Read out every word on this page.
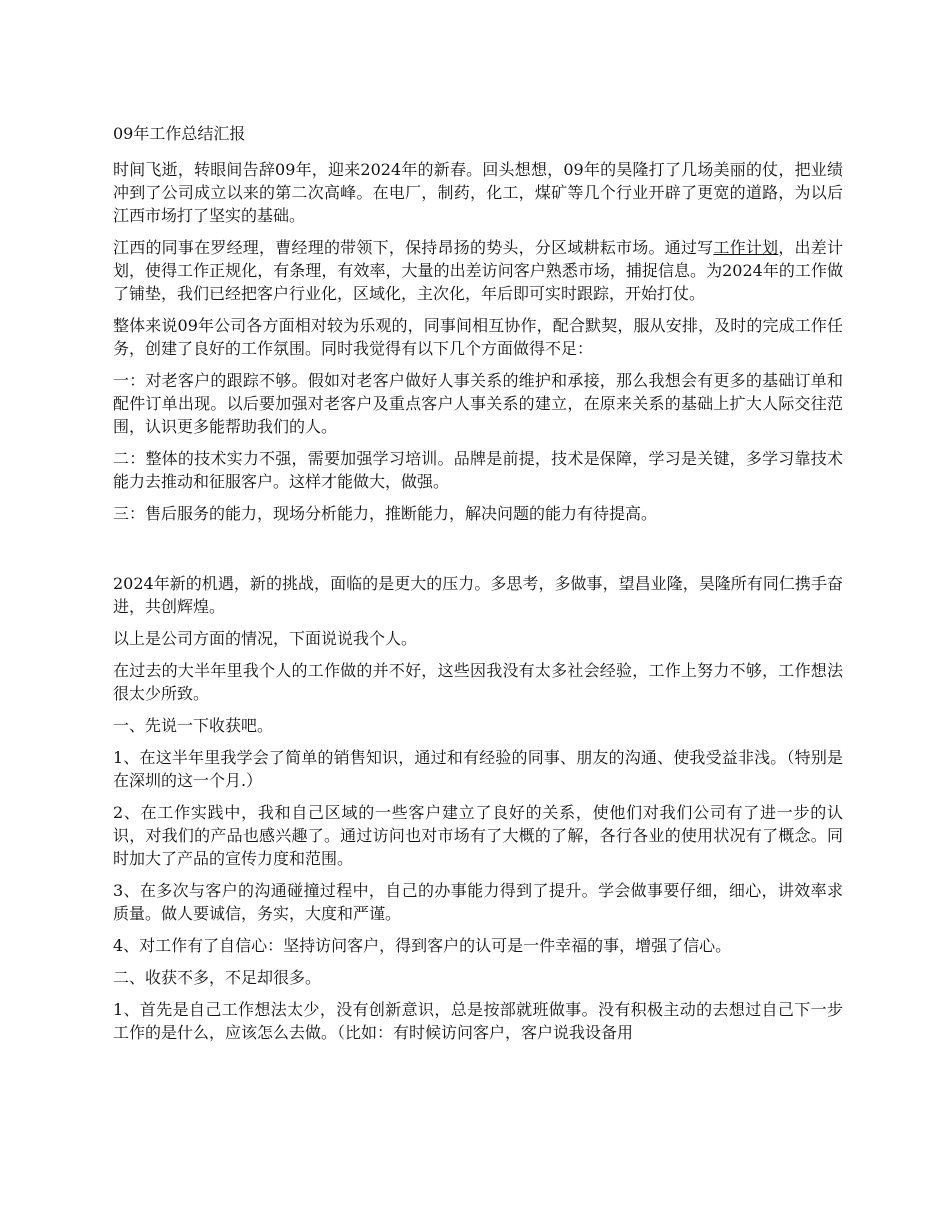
09年工作总结汇报

时间飞逝，转眼间告辞09年，迎来2024年的新春。回头想想，09年的昊隆打了几场美丽的仗，把业绩冲到了公司成立以来的第二次高峰。在电厂，制药，化工，煤矿等几个行业开辟了更宽的道路，为以后江西市场打了坚实的基础。

江西的同事在罗经理，曹经理的带领下，保持昂扬的势头，分区域耕耘市场。通过写工作计划，出差计划，使得工作正规化，有条理，有效率，大量的出差访问客户熟悉市场，捕捉信息。为2024年的工作做了铺垫，我们已经把客户行业化，区域化，主次化，年后即可实时跟踪，开始打仗。

整体来说09年公司各方面相对较为乐观的，同事间相互协作，配合默契，服从安排，及时的完成工作任务，创建了良好的工作氛围。同时我觉得有以下几个方面做得不足：

一：对老客户的跟踪不够。假如对老客户做好人事关系的维护和承接，那么我想会有更多的基础订单和配件订单出现。以后要加强对老客户及重点客户人事关系的建立，在原来关系的基础上扩大人际交往范围，认识更多能帮助我们的人。

二：整体的技术实力不强，需要加强学习培训。品牌是前提，技术是保障，学习是关键，多学习靠技术能力去推动和征服客户。这样才能做大，做强。

三：售后服务的能力，现场分析能力，推断能力，解决问题的能力有待提高。

2024年新的机遇，新的挑战，面临的是更大的压力。多思考，多做事，望昌业隆，昊隆所有同仁携手奋进，共创辉煌。

以上是公司方面的情况，下面说说我个人。

在过去的大半年里我个人的工作做的并不好，这些因我没有太多社会经验，工作上努力不够，工作想法很太少所致。

一、先说一下收获吧。

1、在这半年里我学会了简单的销售知识，通过和有经验的同事、朋友的沟通、使我受益非浅。（特别是在深圳的这一个月.）

2、在工作实践中，我和自己区域的一些客户建立了良好的关系，使他们对我们公司有了进一步的认识，对我们的产品也感兴趣了。通过访问也对市场有了大概的了解，各行各业的使用状况有了概念。同时加大了产品的宣传力度和范围。

3、在多次与客户的沟通碰撞过程中，自己的办事能力得到了提升。学会做事要仔细，细心，讲效率求质量。做人要诚信，务实，大度和严谨。

4、对工作有了自信心：坚持访问客户，得到客户的认可是一件幸福的事，增强了信心。

二、收获不多，不足却很多。

1、首先是自己工作想法太少，没有创新意识，总是按部就班做事。没有积极主动的去想过自己下一步工作的是什么，应该怎么去做。（比如：有时候访问客户，客户说我设备用
